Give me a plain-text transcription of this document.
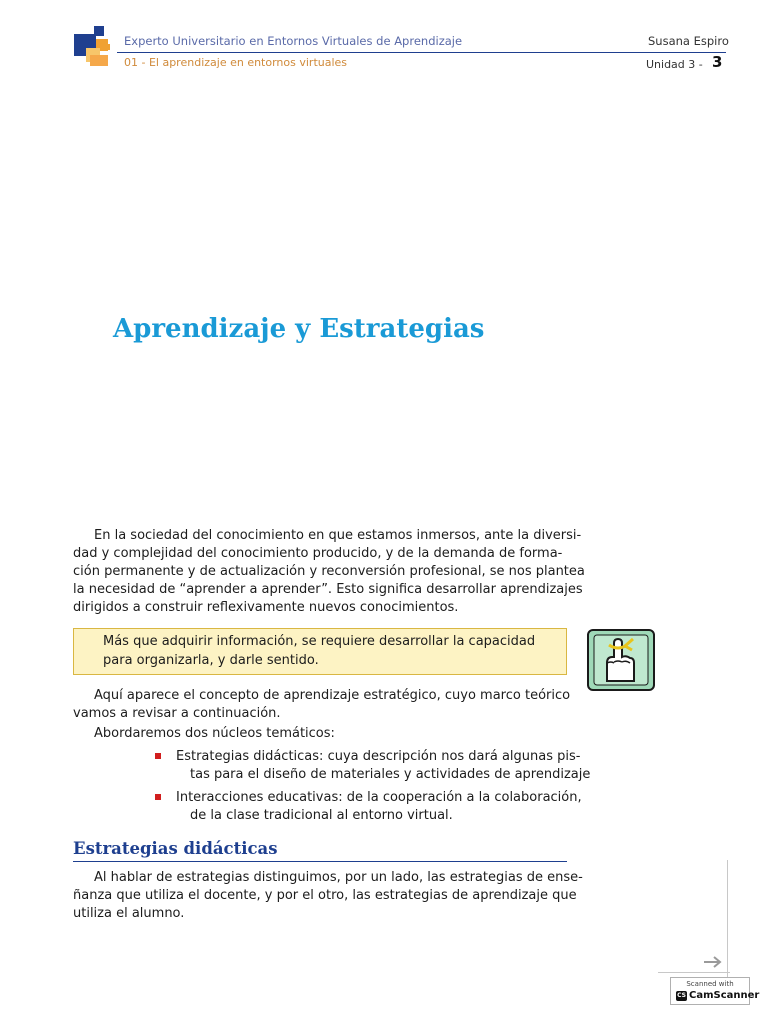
Experto Universitario en Entornos Virtuales de Aprendizaje	Susana Espiro
01 - El aprendizaje en entornos virtuales	Unidad 3 - 3
Aprendizaje y Estrategias
En la sociedad del conocimiento en que estamos inmersos, ante la diversi-
dad y complejidad del conocimiento producido, y de la demanda de forma-
ción permanente y de actualización y reconversión profesional, se nos plantea
la necesidad de “aprender a aprender”. Esto significa desarrollar aprendizajes
dirigidos a construir reflexivamente nuevos conocimientos.
Más que adquirir información, se requiere desarrollar la capacidad
para organizarla, y darle sentido.
Aquí aparece el concepto de aprendizaje estratégico, cuyo marco teórico
vamos a revisar a continuación.
Abordaremos dos núcleos temáticos:
Estrategias didácticas: cuya descripción nos dará algunas pis-
tas para el diseño de materiales y actividades de aprendizaje
Interacciones educativas: de la cooperación a la colaboración,
de la clase tradicional al entorno virtual.
Estrategias didácticas
Al hablar de estrategias distinguimos, por un lado, las estrategias de ense-
ñanza que utiliza el docente, y por el otro, las estrategias de aprendizaje que
utiliza el alumno.
Scanned with
CS CamScanner
